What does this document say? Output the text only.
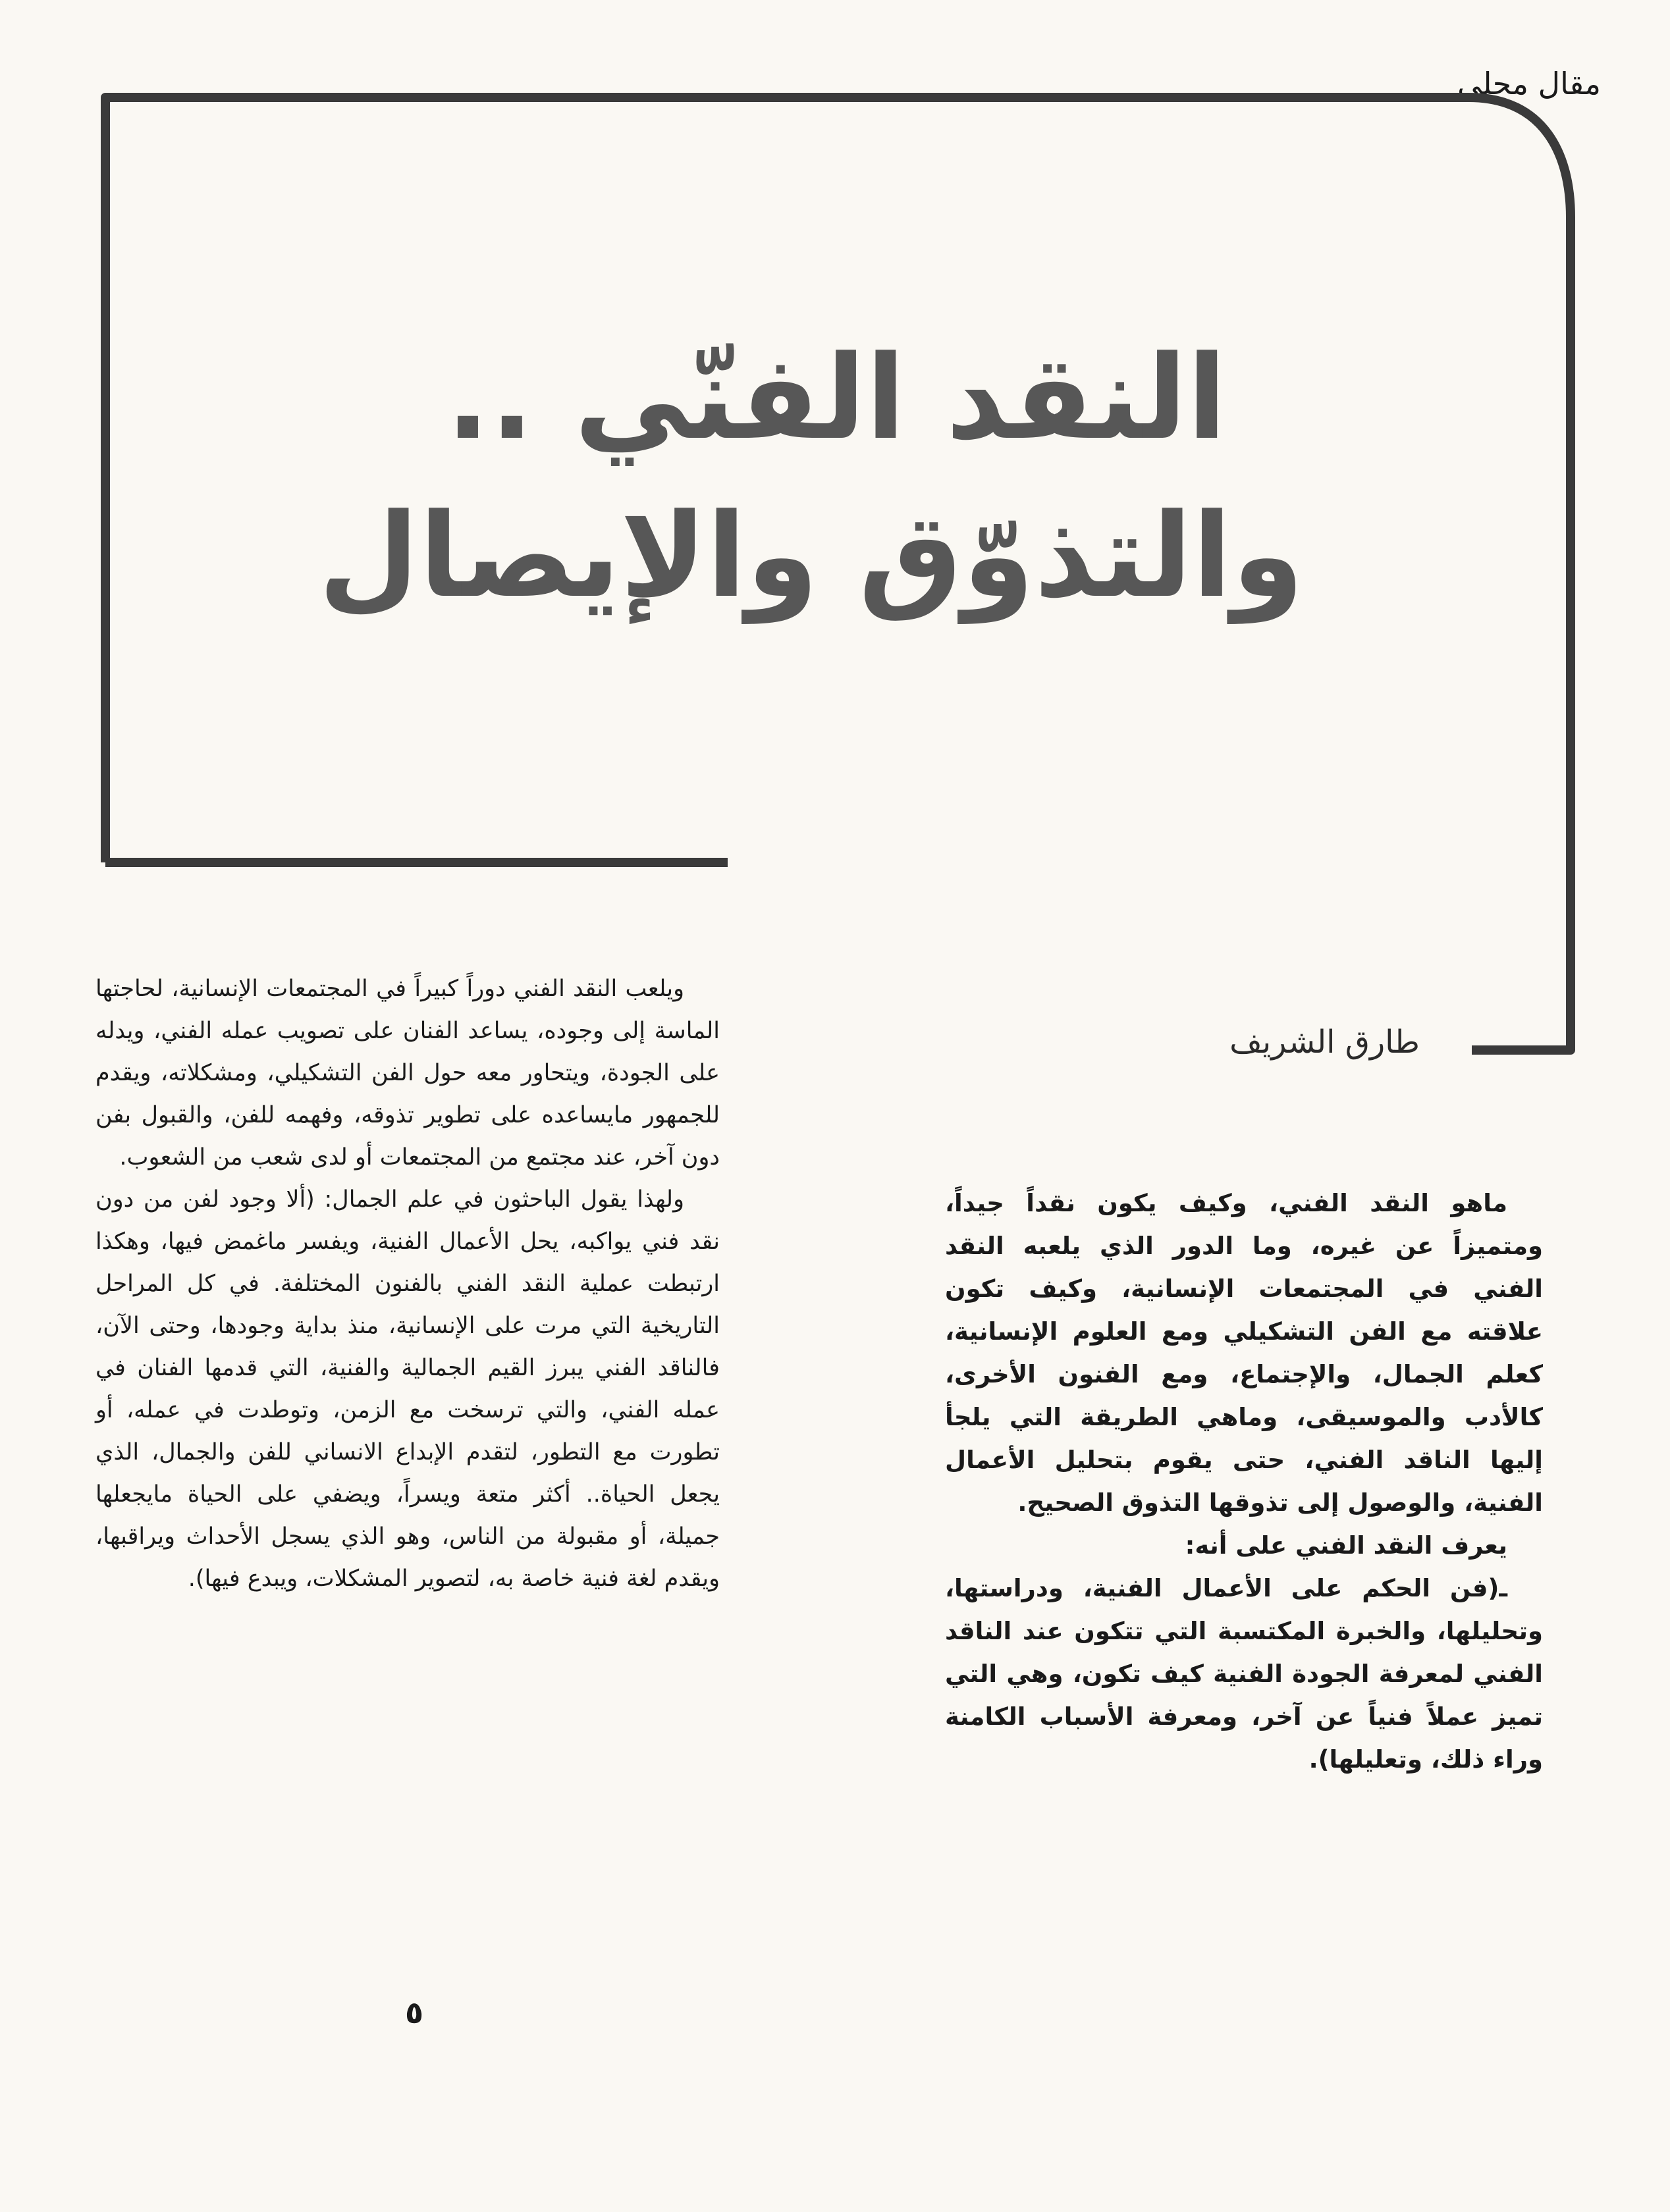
مقال محلي
النقد الفنّي ..
والتذوّق والإيصال
طارق الشريف

ويلعب النقد الفني دوراً كبيراً في المجتمعات الإنسانية، لحاجتها الماسة إلى وجوده، يساعد الفنان على تصويب عمله الفني، ويدله على الجودة، ويتحاور معه حول الفن التشكيلي، ومشكلاته، ويقدم للجمهور مايساعده على تطوير تذوقه، وفهمه للفن، والقبول بفن دون آخر، عند مجتمع من المجتمعات أو لدى شعب من الشعوب.

ولهذا يقول الباحثون في علم الجمال: (ألا وجود لفن من دون نقد فني يواكبه، يحل الأعمال الفنية، ويفسر ماغمض فيها، وهكذا ارتبطت عملية النقد الفني بالفنون المختلفة. في كل المراحل التاريخية التي مرت على الإنسانية، منذ بداية وجودها، وحتى الآن، فالناقد الفني يبرز القيم الجمالية والفنية، التي قدمها الفنان في عمله الفني، والتي ترسخت مع الزمن، وتوطدت في عمله، أو تطورت مع التطور، لتقدم الإبداع الانساني للفن والجمال، الذي يجعل الحياة.. أكثر متعة ويسراً، ويضفي على الحياة مايجعلها جميلة، أو مقبولة من الناس، وهو الذي يسجل الأحداث ويراقبها، ويقدم لغة فنية خاصة به، لتصوير المشكلات، ويبدع فيها).

ماهو النقد الفني، وكيف يكون نقداً جيداً، ومتميزاً عن غيره، وما الدور الذي يلعبه النقد الفني في المجتمعات الإنسانية، وكيف تكون علاقته مع الفن التشكيلي ومع العلوم الإنسانية، كعلم الجمال، والإجتماع، ومع الفنون الأخرى، كالأدب والموسيقى، وماهي الطريقة التي يلجأ إليها الناقد الفني، حتى يقوم بتحليل الأعمال الفنية، والوصول إلى تذوقها التذوق الصحيح.

يعرف النقد الفني على أنه:

ـ(فن الحكم على الأعمال الفنية، ودراستها، وتحليلها، والخبرة المكتسبة التي تتكون عند الناقد الفني لمعرفة الجودة الفنية كيف تكون، وهي التي تميز عملاً فنياً عن آخر، ومعرفة الأسباب الكامنة وراء ذلك، وتعليلها).

٥
